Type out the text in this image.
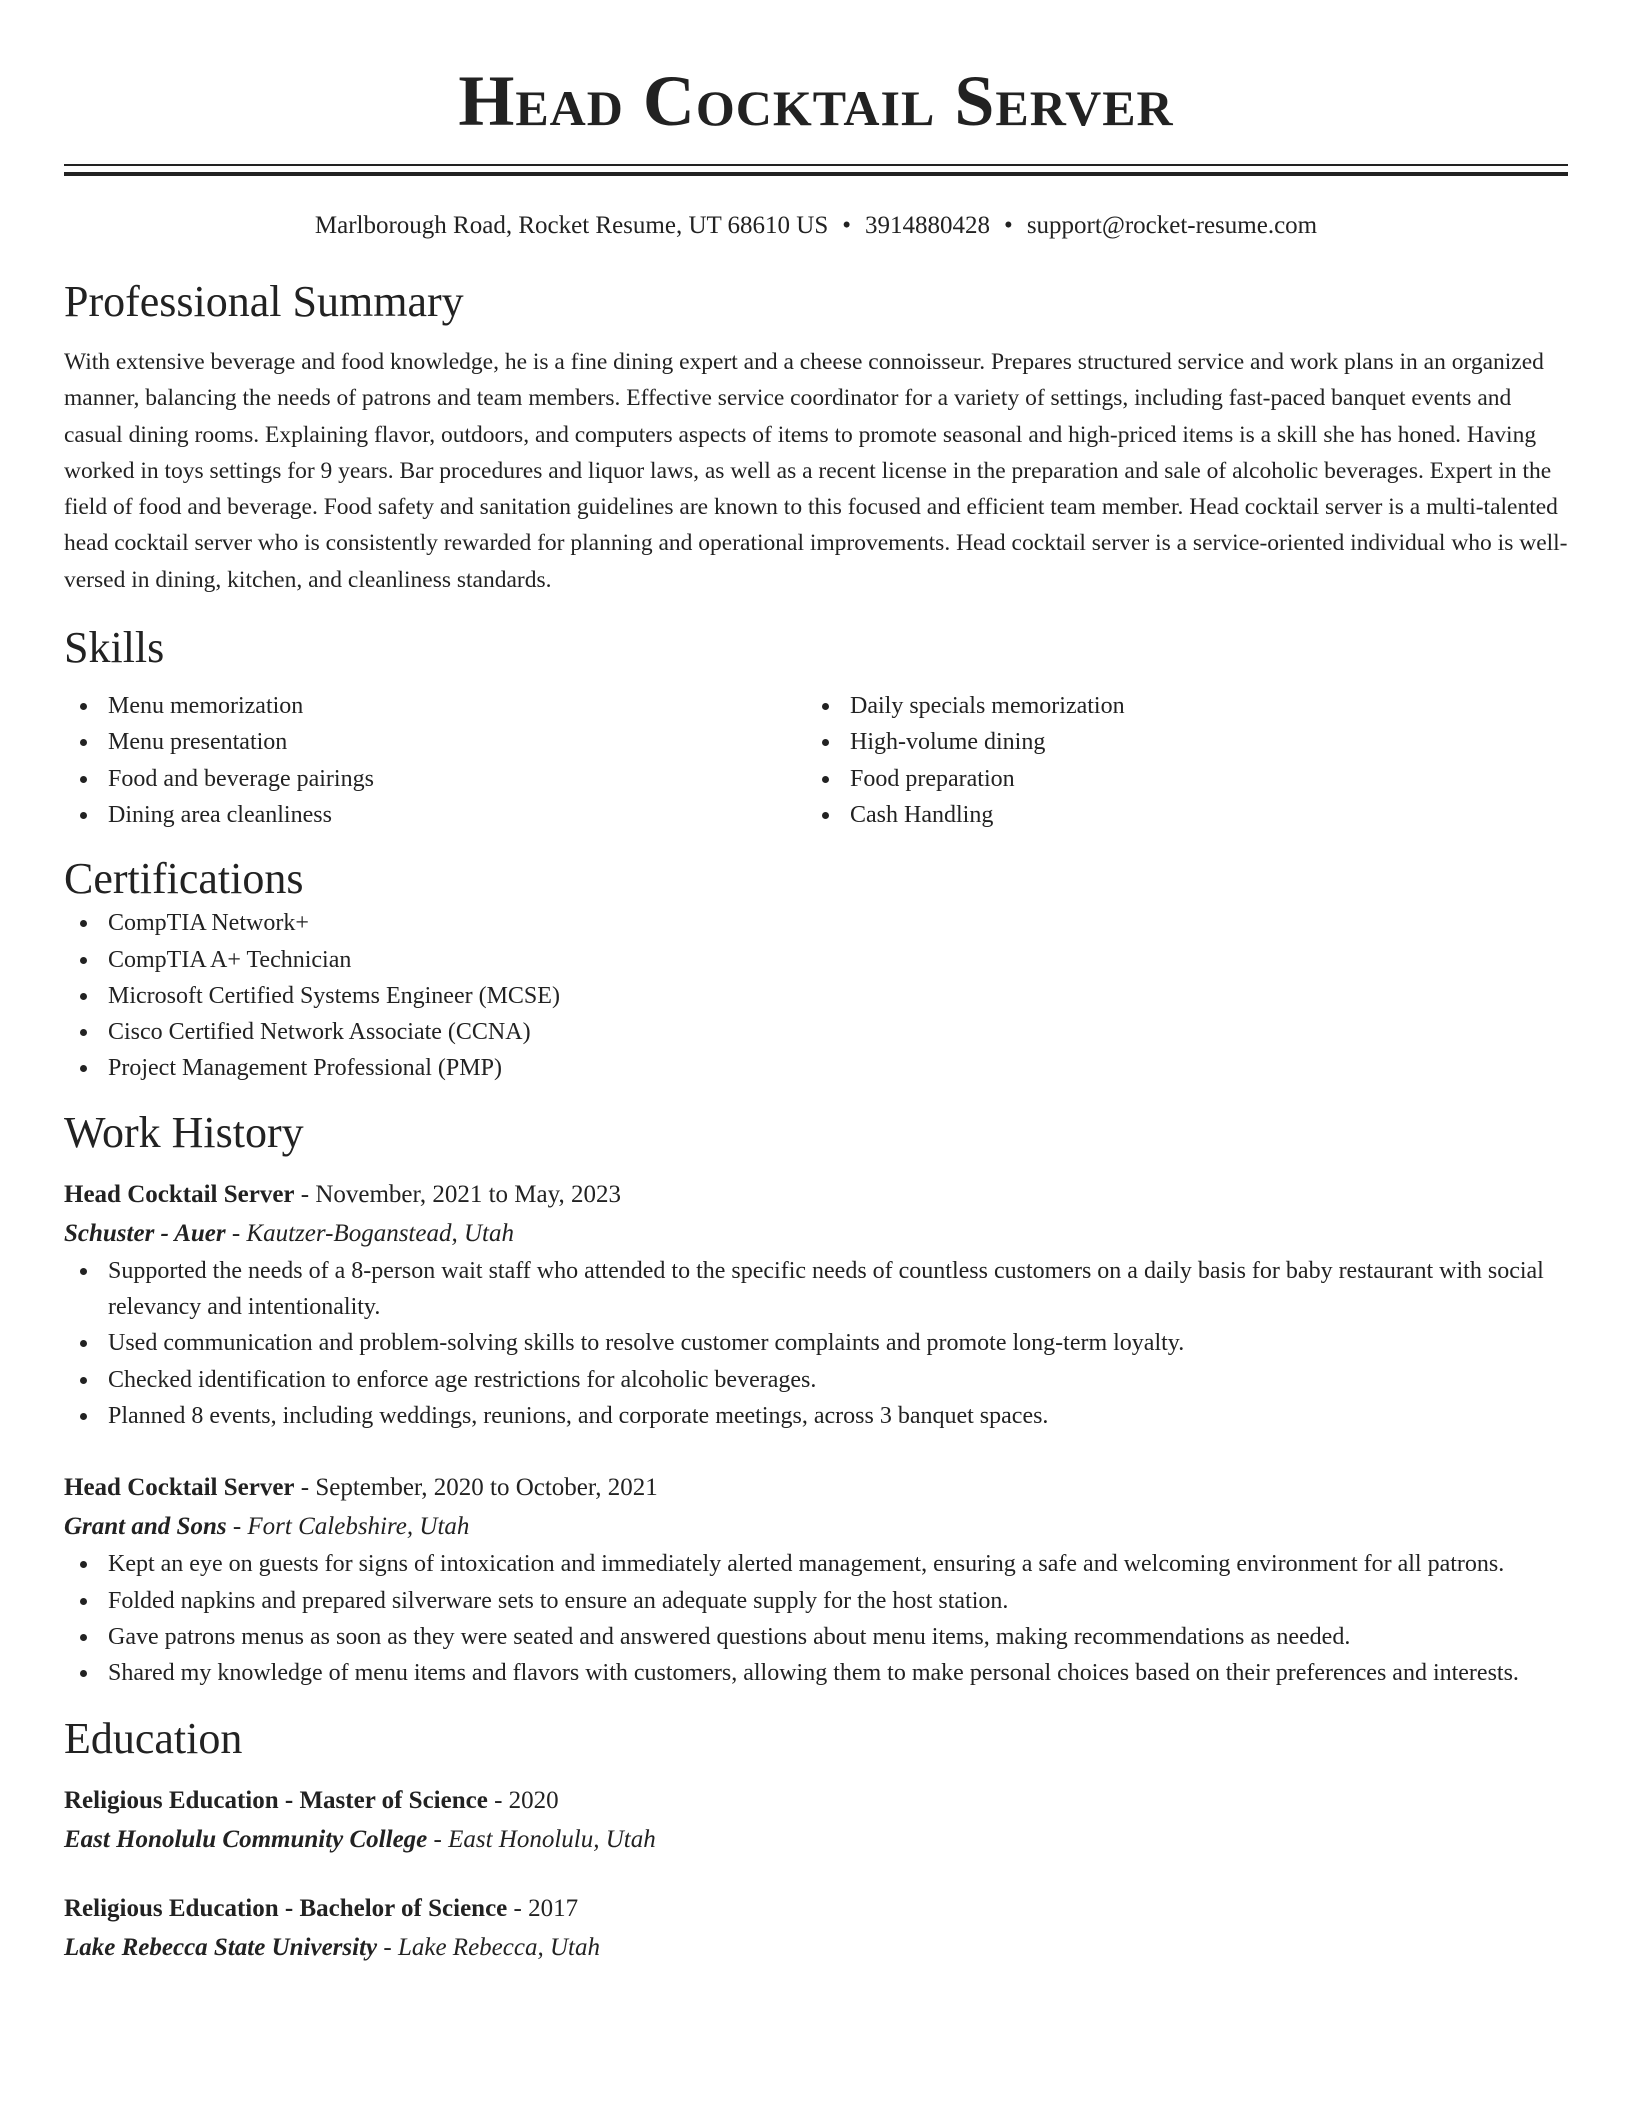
Head Cocktail Server
Marlborough Road, Rocket Resume, UT 68610 US • 3914880428 • support@rocket-resume.com
Professional Summary

With extensive beverage and food knowledge, he is a fine dining expert and a cheese connoisseur. Prepares structured service and work plans in an organized manner, balancing the needs of patrons and team members. Effective service coordinator for a variety of settings, including fast-paced banquet events and casual dining rooms. Explaining flavor, outdoors, and computers aspects of items to promote seasonal and high-priced items is a skill she has honed. Having worked in toys settings for 9 years. Bar procedures and liquor laws, as well as a recent license in the preparation and sale of alcoholic beverages. Expert in the field of food and beverage. Food safety and sanitation guidelines are known to this focused and efficient team member. Head cocktail server is a multi-talented head cocktail server who is consistently rewarded for planning and operational improvements. Head cocktail server is a service-oriented individual who is well-versed in dining, kitchen, and cleanliness standards.

Skills
Menu memorization
Menu presentation
Food and beverage pairings
Dining area cleanliness
Daily specials memorization
High-volume dining
Food preparation
Cash Handling
Certifications
CompTIA Network+
CompTIA A+ Technician
Microsoft Certified Systems Engineer (MCSE)
Cisco Certified Network Associate (CCNA)
Project Management Professional (PMP)
Work History
Head Cocktail Server - November, 2021 to May, 2023
Schuster - Auer - Kautzer-Boganstead, Utah
Supported the needs of a 8-person wait staff who attended to the specific needs of countless customers on a daily basis for baby restaurant with social relevancy and intentionality.
Used communication and problem-solving skills to resolve customer complaints and promote long-term loyalty.
Checked identification to enforce age restrictions for alcoholic beverages.
Planned 8 events, including weddings, reunions, and corporate meetings, across 3 banquet spaces.
Head Cocktail Server - September, 2020 to October, 2021
Grant and Sons - Fort Calebshire, Utah
Kept an eye on guests for signs of intoxication and immediately alerted management, ensuring a safe and welcoming environment for all patrons.
Folded napkins and prepared silverware sets to ensure an adequate supply for the host station.
Gave patrons menus as soon as they were seated and answered questions about menu items, making recommendations as needed.
Shared my knowledge of menu items and flavors with customers, allowing them to make personal choices based on their preferences and interests.
Education
Religious Education - Master of Science - 2020
East Honolulu Community College - East Honolulu, Utah
Religious Education - Bachelor of Science - 2017
Lake Rebecca State University - Lake Rebecca, Utah
